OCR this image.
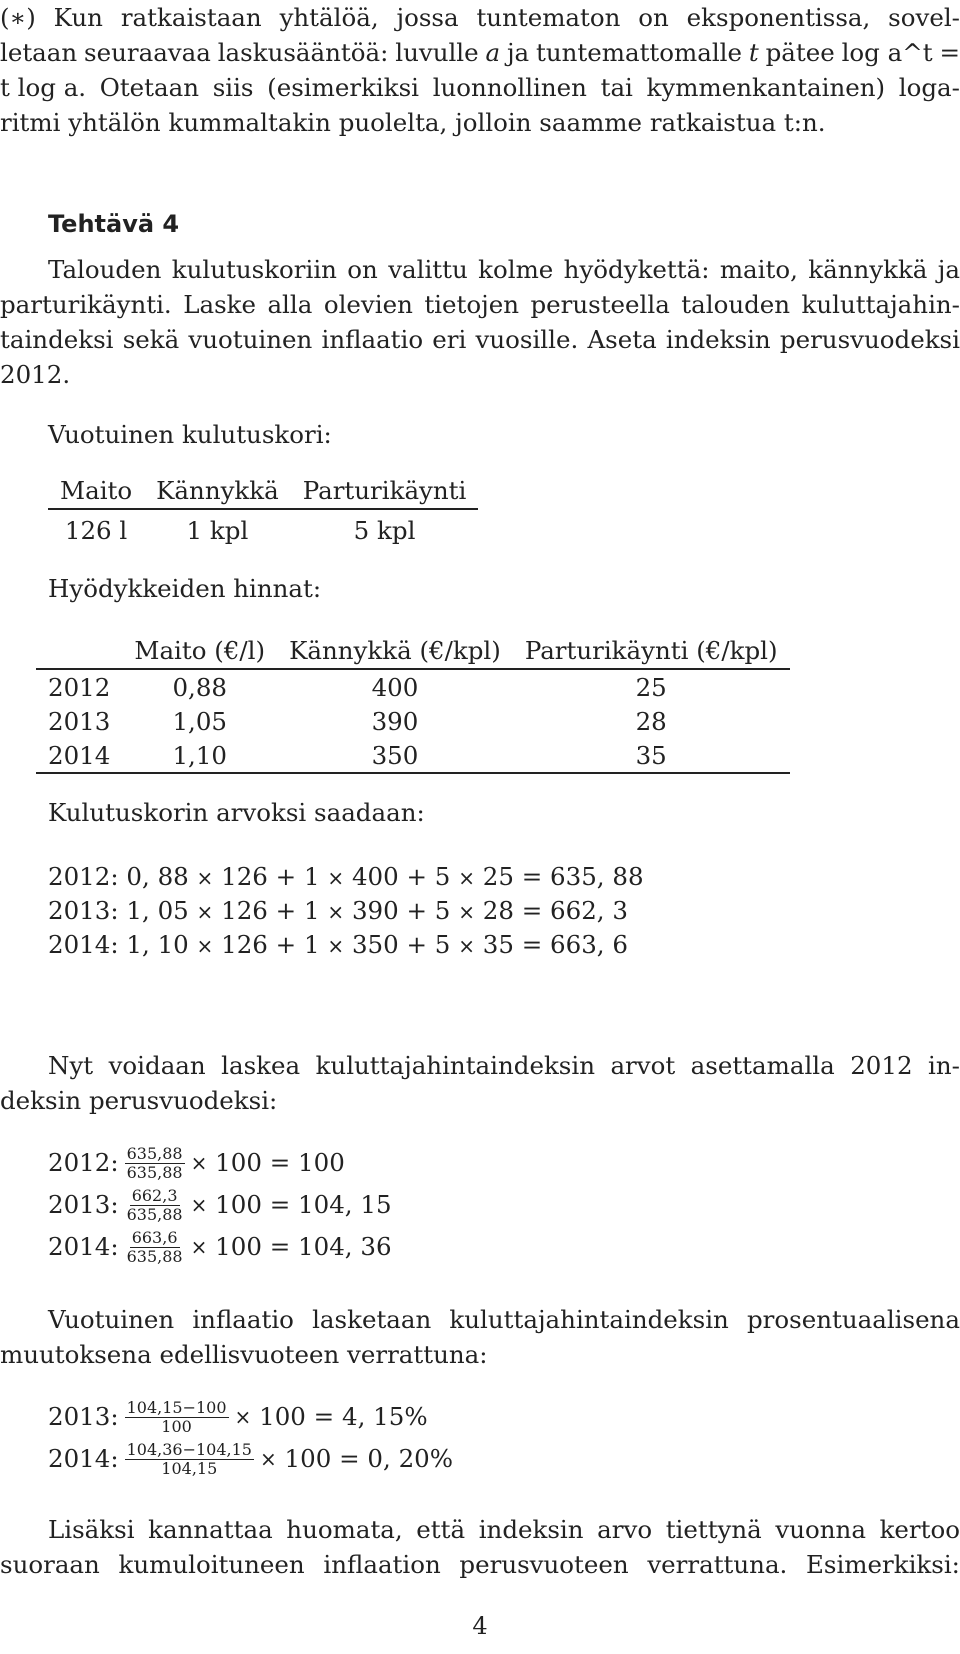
(∗) Kun ratkaistaan yhtälöä, jossa tuntematon on eksponentissa, sovel-
letaan seuraavaa laskusääntöä: luvulle a ja tuntemattomalle t pätee log a^t =
t log a. Otetaan siis (esimerkiksi luonnollinen tai kymmenkantainen) loga-
ritmi yhtälön kummaltakin puolelta, jolloin saamme ratkaistua t:n.
Tehtävä 4
Talouden kulutuskoriin on valittu kolme hyödykettä: maito, kännykkä ja
parturikäynti. Laske alla olevien tietojen perusteella talouden kuluttajahin-
taindeksi sekä vuotuinen inflaatio eri vuosille. Aseta indeksin perusvuodeksi
2012.
Vuotuinen kulutuskori:
Maito	Kännykkä	Parturikäynti
126 l	1 kpl	5 kpl
Hyödykkeiden hinnat:
	Maito (€/l)	Kännykkä (€/kpl)	Parturikäynti (€/kpl)
2012	0,88	400	25
2013	1,05	390	28
2014	1,10	350	35
Kulutuskorin arvoksi saadaan:
2012: 0, 88 × 126 + 1 × 400 + 5 × 25 = 635, 88
2013: 1, 05 × 126 + 1 × 390 + 5 × 28 = 662, 3
2014: 1, 10 × 126 + 1 × 350 + 5 × 35 = 663, 6
Nyt voidaan laskea kuluttajahintaindeksin arvot asettamalla 2012 in-
deksin perusvuodeksi:
2012: $\frac{635,88}{635,88}$ ×
100 = 100
2013: $\frac{662,3}{635,88}$ ×
100 = 104, 15
2014: $\frac{663,6}{635,88}$ ×
100 = 104, 36
Vuotuinen inflaatio lasketaan kuluttajahintaindeksin prosentuaalisena
muutoksena edellisvuoteen verrattuna:
2013: $\frac{104,15-100}{100}$ ×
100 = 4, 15%
2014: $\frac{104,36-104,15}{104,15}$ ×
100 = 0, 20%
Lisäksi kannattaa huomata, että indeksin arvo tiettynä vuonna kertoo
suoraan kumuloituneen inflaation perusvuoteen verrattuna. Esimerkiksi:
4
